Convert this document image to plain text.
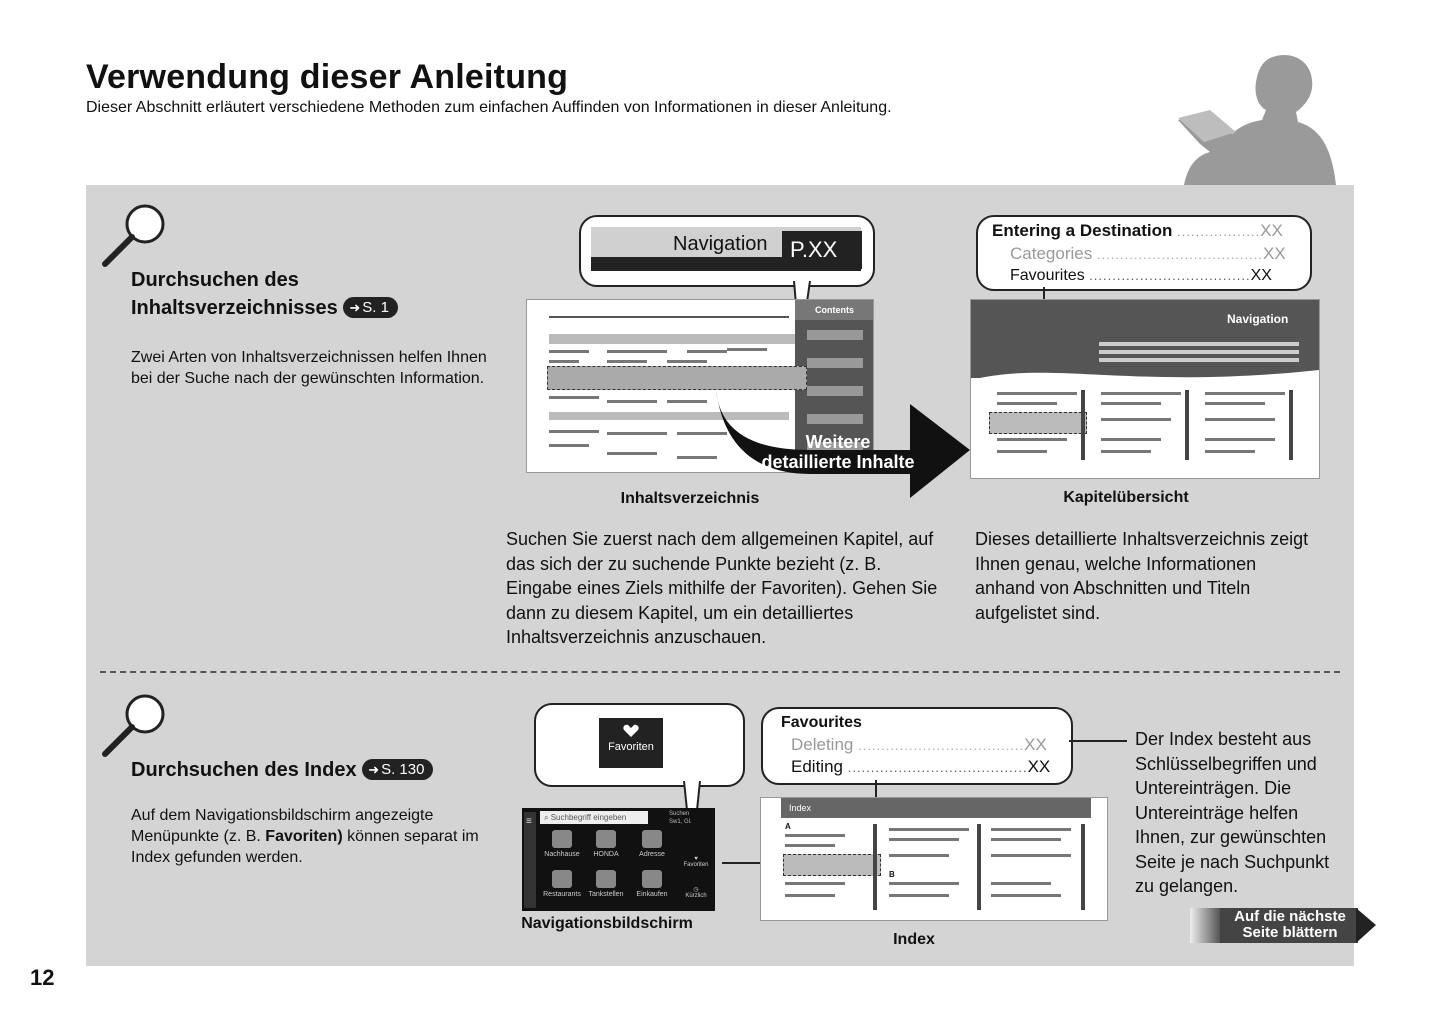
Verwendung dieser Anleitung
Dieser Abschnitt erläutert verschiedene Methoden zum einfachen Auffinden von Informationen in dieser Anleitung.
Durchsuchen des
Inhaltsverzeichnisses ➜ S. 1
Zwei Arten von Inhaltsverzeichnissen helfen Ihnen bei der Suche nach der gewünschten Information.
Navigation	P.XX
Contents
Weitere
detaillierte Inhalte
Entering a Destination ..................XX
Categories ....................................XX
Favourites ...................................XX
Navigation
Inhaltsverzeichnis	Kapitelübersicht
Suchen Sie zuerst nach dem allgemeinen Kapitel, auf das sich der zu suchende Punkte bezieht (z. B. Eingabe eines Ziels mithilfe der Favoriten). Gehen Sie dann zu diesem Kapitel, um ein detailliertes Inhaltsverzeichnis anzuschauen.
Dieses detaillierte Inhaltsverzeichnis zeigt Ihnen genau, welche Informationen anhand von Abschnitten und Titeln aufgelistet sind.
Durchsuchen des Index ➜ S. 130
Auf dem Navigationsbildschirm angezeigte Menüpunkte (z. B. Favoriten) können separat im Index gefunden werden.
Favoriten
≡	⌕ Suchbegriff eingeben	Suchen
Sw1, Gl.
Nachhause	HONDA	Adresse
Restaurants	Tankstellen	Einkaufen
♥
Favoriten
◷
Kürzlich
Favourites
Deleting ....................................XX
Editing .......................................XX
Index
A
B
Navigationsbildschirm
Index
Der Index besteht aus Schlüsselbegriffen und Untereinträgen. Die Untereinträge helfen Ihnen, zur gewünschten Seite je nach Suchpunkt zu gelangen.
Auf die nächste
Seite blättern
12
